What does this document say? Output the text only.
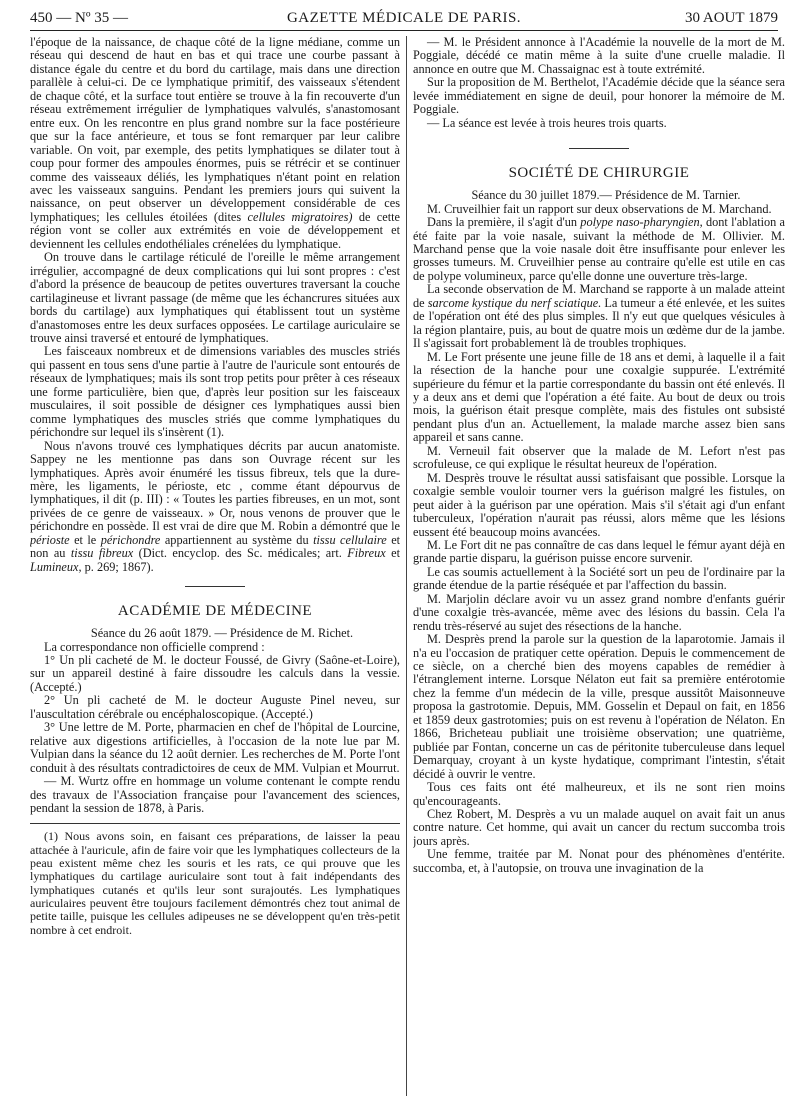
450 — Nº 35 —	GAZETTE MÉDICALE DE PARIS.	30 AOUT 1879

l'époque de la naissance, de chaque côté de la ligne médiane, comme un réseau qui descend de haut en bas et qui trace une courbe passant à distance égale du centre et du bord du cartilage, mais dans une direction parallèle à celui-ci. De ce lymphatique primitif, des vaisseaux s'étendent de chaque côté, et la surface tout entière se trouve à la fin recouverte d'un réseau extrêmement irrégulier de lymphatiques valvulés, s'anastomosant entre eux. On les rencontre en plus grand nombre sur la face postérieure que sur la face antérieure, et tous se font remarquer par leur calibre variable. On voit, par exemple, des petits lymphatiques se dilater tout à coup pour former des ampoules énormes, puis se rétrécir et se continuer comme des vaisseaux déliés, les lymphatiques n'étant point en relation avec les vaisseaux sanguins. Pendant les premiers jours qui suivent la naissance, on peut observer un développement considérable de ces lymphatiques; les cellules étoilées (dites cellules migratoires) de cette région vont se coller aux extrémités en voie de développement et deviennent les cellules endothéliales crénelées du lymphatique.

On trouve dans le cartilage réticulé de l'oreille le même arrangement irrégulier, accompagné de deux complications qui lui sont propres : c'est d'abord la présence de beaucoup de petites ouvertures traversant la couche cartilagineuse et livrant passage (de même que les échancrures situées aux bords du cartilage) aux lymphatiques qui établissent tout un système d'anastomoses entre les deux surfaces opposées. Le cartilage auriculaire se trouve ainsi traversé et entouré de lymphatiques.

Les faisceaux nombreux et de dimensions variables des muscles striés qui passent en tous sens d'une partie à l'autre de l'auricule sont entourés de réseaux de lymphatiques; mais ils sont trop petits pour prêter à ces réseaux une forme particulière, bien que, d'après leur position sur les faisceaux musculaires, il soit possible de désigner ces lymphatiques aussi bien comme lymphatiques des muscles striés que comme lymphatiques du périchondre sur lequel ils s'insèrent (1).

Nous n'avons trouvé ces lymphatiques décrits par aucun anatomiste. Sappey ne les mentionne pas dans son Ouvrage récent sur les lymphatiques. Après avoir énuméré les tissus fibreux, tels que la dure-mère, les ligaments, le périoste, etc , comme étant dépourvus de lymphatiques, il dit (p. III) : « Toutes les parties fibreuses, en un mot, sont privées de ce genre de vaisseaux. » Or, nous venons de prouver que le périchondre en possède. Il est vrai de dire que M. Robin a démontré que le périoste et le périchondre appartiennent au système du tissu cellulaire et non au tissu fibreux (Dict. encyclop. des Sc. médicales; art. Fibreux et Lumineux, p. 269; 1867).

ACADÉMIE DE MÉDECINE

Séance du 26 août 1879. — Présidence de M. Richet.

La correspondance non officielle comprend :

1° Un pli cacheté de M. le docteur Foussé, de Givry (Saône-et-Loire), sur un appareil destiné à faire dissoudre les calculs dans la vessie. (Accepté.)

2° Un pli cacheté de M. le docteur Auguste Pinel neveu, sur l'auscultation cérébrale ou encéphaloscopique. (Accepté.)

3° Une lettre de M. Porte, pharmacien en chef de l'hôpital de Lourcine, relative aux digestions artificielles, à l'occasion de la note lue par M. Vulpian dans la séance du 12 août dernier. Les recherches de M. Porte l'ont conduit à des résultats contradictoires de ceux de MM. Vulpian et Mourrut.

— M. Wurtz offre en hommage un volume contenant le compte rendu des travaux de l'Association française pour l'avancement des sciences, pendant la session de 1878, à Paris.

(1) Nous avons soin, en faisant ces préparations, de laisser la peau attachée à l'auricule, afin de faire voir que les lymphatiques collecteurs de la peau existent même chez les souris et les rats, ce qui prouve que les lymphatiques du cartilage auriculaire sont tout à fait indépendants des lymphatiques cutanés et qu'ils leur sont surajoutés. Les lymphatiques auriculaires peuvent être toujours facilement démontrés chez tout animal de petite taille, puisque les cellules adipeuses ne se développent qu'en très-petit nombre à cet endroit.

— M. le Président annonce à l'Académie la nouvelle de la mort de M. Poggiale, décédé ce matin même à la suite d'une cruelle maladie. Il annonce en outre que M. Chassaignac est à toute extrémité.

Sur la proposition de M. Berthelot, l'Académie décide que la séance sera levée immédiatement en signe de deuil, pour honorer la mémoire de M. Poggiale.

— La séance est levée à trois heures trois quarts.

SOCIÉTÉ DE CHIRURGIE

Séance du 30 juillet 1879.— Présidence de M. Tarnier.

M. Cruveilhier fait un rapport sur deux observations de M. Marchand.

Dans la première, il s'agit d'un polype naso-pharyngien, dont l'ablation a été faite par la voie nasale, suivant la méthode de M. Ollivier. M. Marchand pense que la voie nasale doit être insuffisante pour enlever les grosses tumeurs. M. Cruveilhier pense au contraire qu'elle est utile en cas de polype volumineux, parce qu'elle donne une ouverture très-large.

La seconde observation de M. Marchand se rapporte à un malade atteint de sarcome kystique du nerf sciatique. La tumeur a été enlevée, et les suites de l'opération ont été des plus simples. Il n'y eut que quelques vésicules à la région plantaire, puis, au bout de quatre mois un œdème dur de la jambe. Il s'agissait fort probablement là de troubles trophiques.

M. Le Fort présente une jeune fille de 18 ans et demi, à laquelle il a fait la résection de la hanche pour une coxalgie suppurée. L'extrémité supérieure du fémur et la partie correspondante du bassin ont été enlevés. Il y a deux ans et demi que l'opération a été faite. Au bout de deux ou trois mois, la guérison était presque complète, mais des fistules ont subsisté pendant plus d'un an. Actuellement, la malade marche assez bien sans appareil et sans canne.

M. Verneuil fait observer que la malade de M. Lefort n'est pas scrofuleuse, ce qui explique le résultat heureux de l'opération.

M. Desprès trouve le résultat aussi satisfaisant que possible. Lorsque la coxalgie semble vouloir tourner vers la guérison malgré les fistules, on peut aider à la guérison par une opération. Mais s'il s'était agi d'un enfant tuberculeux, l'opération n'aurait pas réussi, alors même que les lésions eussent été beaucoup moins avancées.

M. Le Fort dit ne pas connaître de cas dans lequel le fémur ayant déjà en grande partie disparu, la guérison puisse encore survenir.

Le cas soumis actuellement à la Société sort un peu de l'ordinaire par la grande étendue de la partie réséquée et par l'affection du bassin.

M. Marjolin déclare avoir vu un assez grand nombre d'enfants guérir d'une coxalgie très-avancée, même avec des lésions du bassin. Cela l'a rendu très-réservé au sujet des résections de la hanche.

M. Desprès prend la parole sur la question de la laparotomie. Jamais il n'a eu l'occasion de pratiquer cette opération. Depuis le commencement de ce siècle, on a cherché bien des moyens capables de remédier à l'étranglement interne. Lorsque Nélaton eut fait sa première entérotomie chez la femme d'un médecin de la ville, presque aussitôt Maisonneuve proposa la gastrotomie. Depuis, MM. Gosselin et Depaul on fait, en 1856 et 1859 deux gastrotomies; puis on est revenu à l'opération de Nélaton. En 1866, Bricheteau publiait une troisième observation; une quatrième, publiée par Fontan, concerne un cas de péritonite tuberculeuse dans lequel Demarquay, croyant à un kyste hydatique, comprimant l'intestin, s'était décidé à ouvrir le ventre.

Tous ces faits ont été malheureux, et ils ne sont rien moins qu'encourageants.

Chez Robert, M. Desprès a vu un malade auquel on avait fait un anus contre nature. Cet homme, qui avait un cancer du rectum succomba trois jours après.

Une femme, traitée par M. Nonat pour des phénomènes d'entérite. succomba, et, à l'autopsie, on trouva une invagination de la
